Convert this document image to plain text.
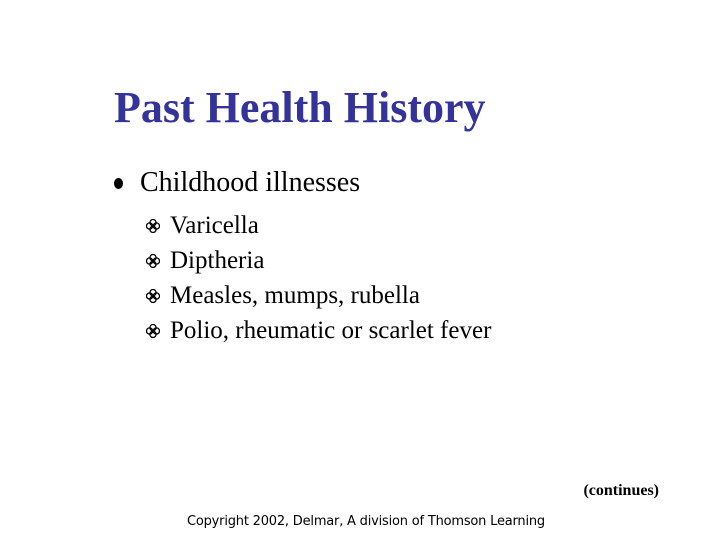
Past Health History
Childhood illnesses
Varicella
Diptheria
Measles, mumps, rubella
Polio, rheumatic or scarlet fever
(continues)
Copyright 2002, Delmar, A division of Thomson Learning
